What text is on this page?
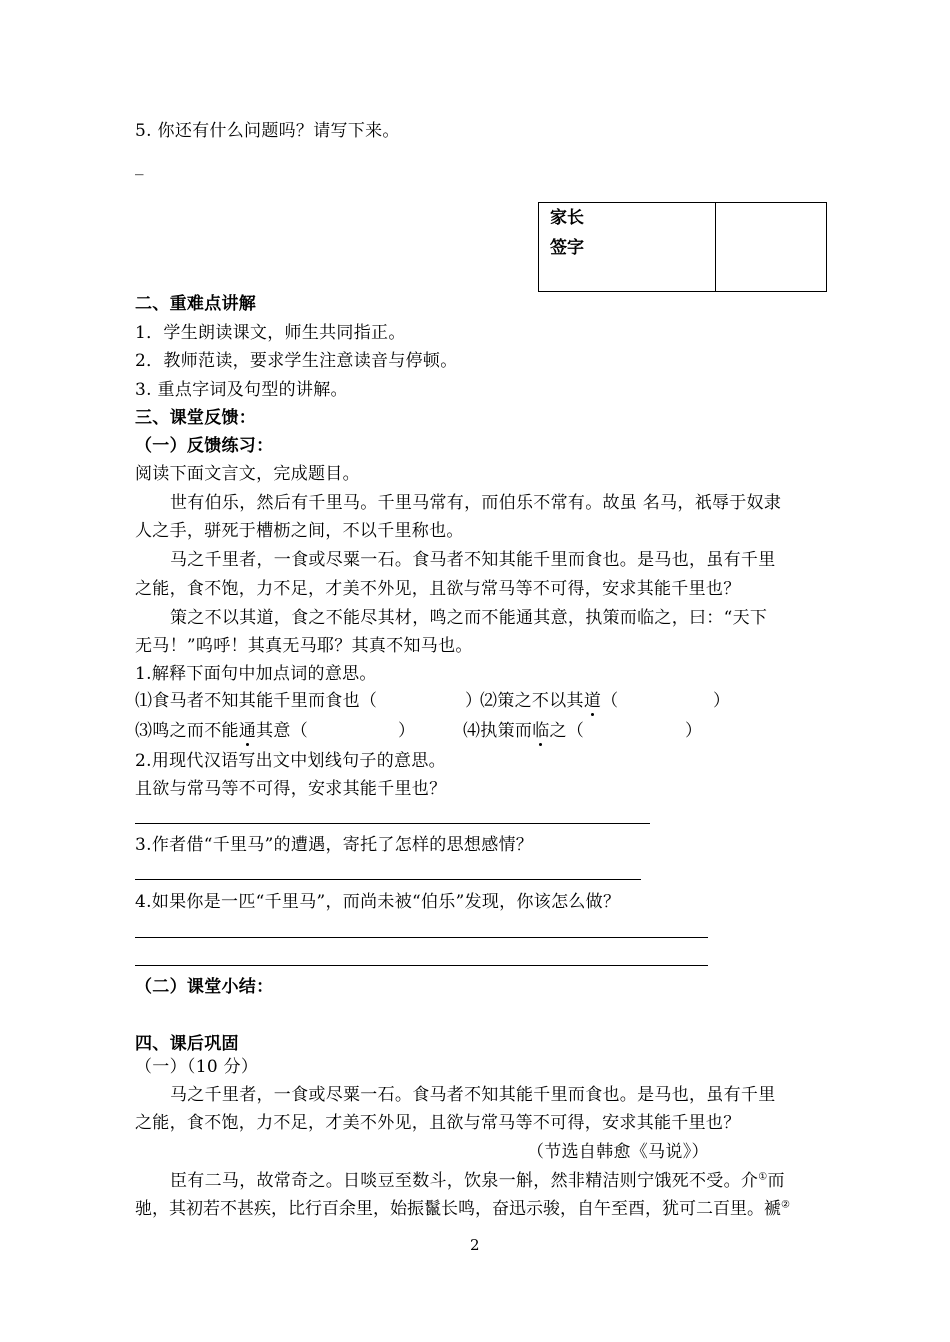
5. 你还有什么问题吗？请写下来。
_
家长
签字
二、重难点讲解
1．学生朗读课文，师生共同指正。
2．教师范读，要求学生注意读音与停顿。
3. 重点字词及句型的讲解。
三、课堂反馈：
（一）反馈练习：
阅读下面文言文，完成题目。
世有伯乐，然后有千里马。千里马常有，而伯乐不常有。故虽 名马，祇辱于奴隶
人之手，骈死于槽枥之间，不以千里称也。
马之千里者，一食或尽粟一石。食马者不知其能千里而食也。是马也，虽有千里
之能，食不饱，力不足，才美不外见，且欲与常马等不可得，安求其能千里也？
策之不以其道，食之不能尽其材，鸣之而不能通其意，执策而临之，曰：“天下
无马！”呜呼！其真无马耶？其真不知马也。
1.解释下面句中加点词的意思。
⑴食马者不知其能千里而食也（	）
⑵策之不以其道（	）
⑶鸣之而不能通其意（	）	⑷执策而临之（	）
2.用现代汉语写出文中划线句子的意思。
且欲与常马等不可得，安求其能千里也？
3.作者借“千里马”的遭遇，寄托了怎样的思想感情？
4.如果你是一匹“千里马”，而尚未被“伯乐”发现，你该怎么做？
（二）课堂小结：
四、课后巩固
（一）（10 分）
马之千里者，一食或尽粟一石。食马者不知其能千里而食也。是马也，虽有千里
之能，食不饱，力不足，才美不外见，且欲与常马等不可得，安求其能千里也？
（节选自韩愈《马说》）
臣有二马，故常奇之。日啖豆至数斗，饮泉一斛，然非精洁则宁饿死不受。介①而
驰，其初若不甚疾，比行百余里，始振鬣长鸣，奋迅示骏，自午至酉，犹可二百里。褫②
2
